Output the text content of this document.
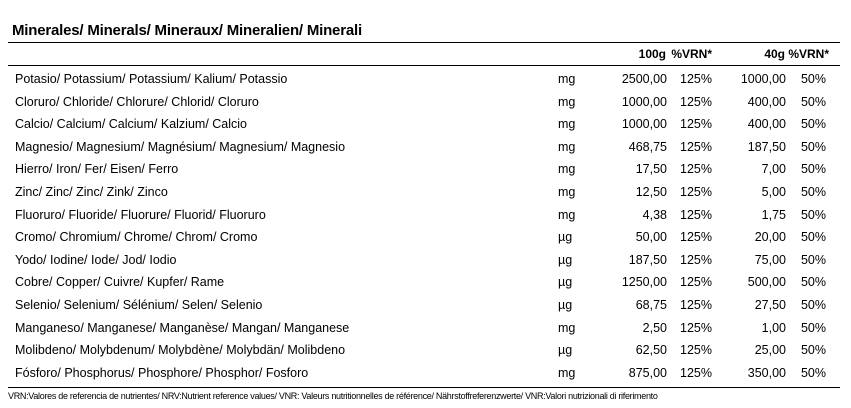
Minerales/ Minerals/ Mineraux/ Mineralien/ Minerali
100g %VRN*	40g %VRN*
Potasio/ Potassium/ Potassium/ Kalium/ Potassio	mg	2500,00 125% 1000,00 50%
Cloruro/ Chloride/ Chlorure/ Chlorid/ Cloruro	mg	1000,00 125%	400,00 50%
Calcio/ Calcium/ Calcium/ Kalzium/ Calcio	mg	1000,00 125%	400,00 50%
Magnesio/ Magnesium/ Magnésium/ Magnesium/ Magnesio	mg	468,75 125%	187,50 50%
Hierro/ Iron/ Fer/ Eisen/ Ferro	mg	17,50 125%	7,00 50%
Zinc/ Zinc/ Zinc/ Zink/ Zinco	mg	12,50 125%	5,00 50%
Fluoruro/ Fluoride/ Fluorure/ Fluorid/ Fluoruro	mg	4,38 125%	1,75 50%
Cromo/ Chromium/ Chrome/ Chrom/ Cromo	µg	50,00 125%	20,00 50%
Yodo/ Iodine/ Iode/ Jod/ Iodio	µg	187,50 125%	75,00 50%
Cobre/ Copper/ Cuivre/ Kupfer/ Rame	µg	1250,00 125%	500,00 50%
Selenio/ Selenium/ Sélénium/ Selen/ Selenio	µg	68,75 125%	27,50 50%
Manganeso/ Manganese/ Manganèse/ Mangan/ Manganese	mg	2,50 125%	1,00 50%
Molibdeno/ Molybdenum/ Molybdène/ Molybdän/ Molibdeno	µg	62,50 125%	25,00 50%
Fósforo/ Phosphorus/ Phosphore/ Phosphor/ Fosforo	mg	875,00 125%	350,00 50%
VRN:Valores de referencia de nutrientes/ NRV:Nutrient reference values/ VNR: Valeurs nutritionnelles de référence/ Nährstoffreferenzwerte/ VNR:Valori nutrizionali di riferimento
